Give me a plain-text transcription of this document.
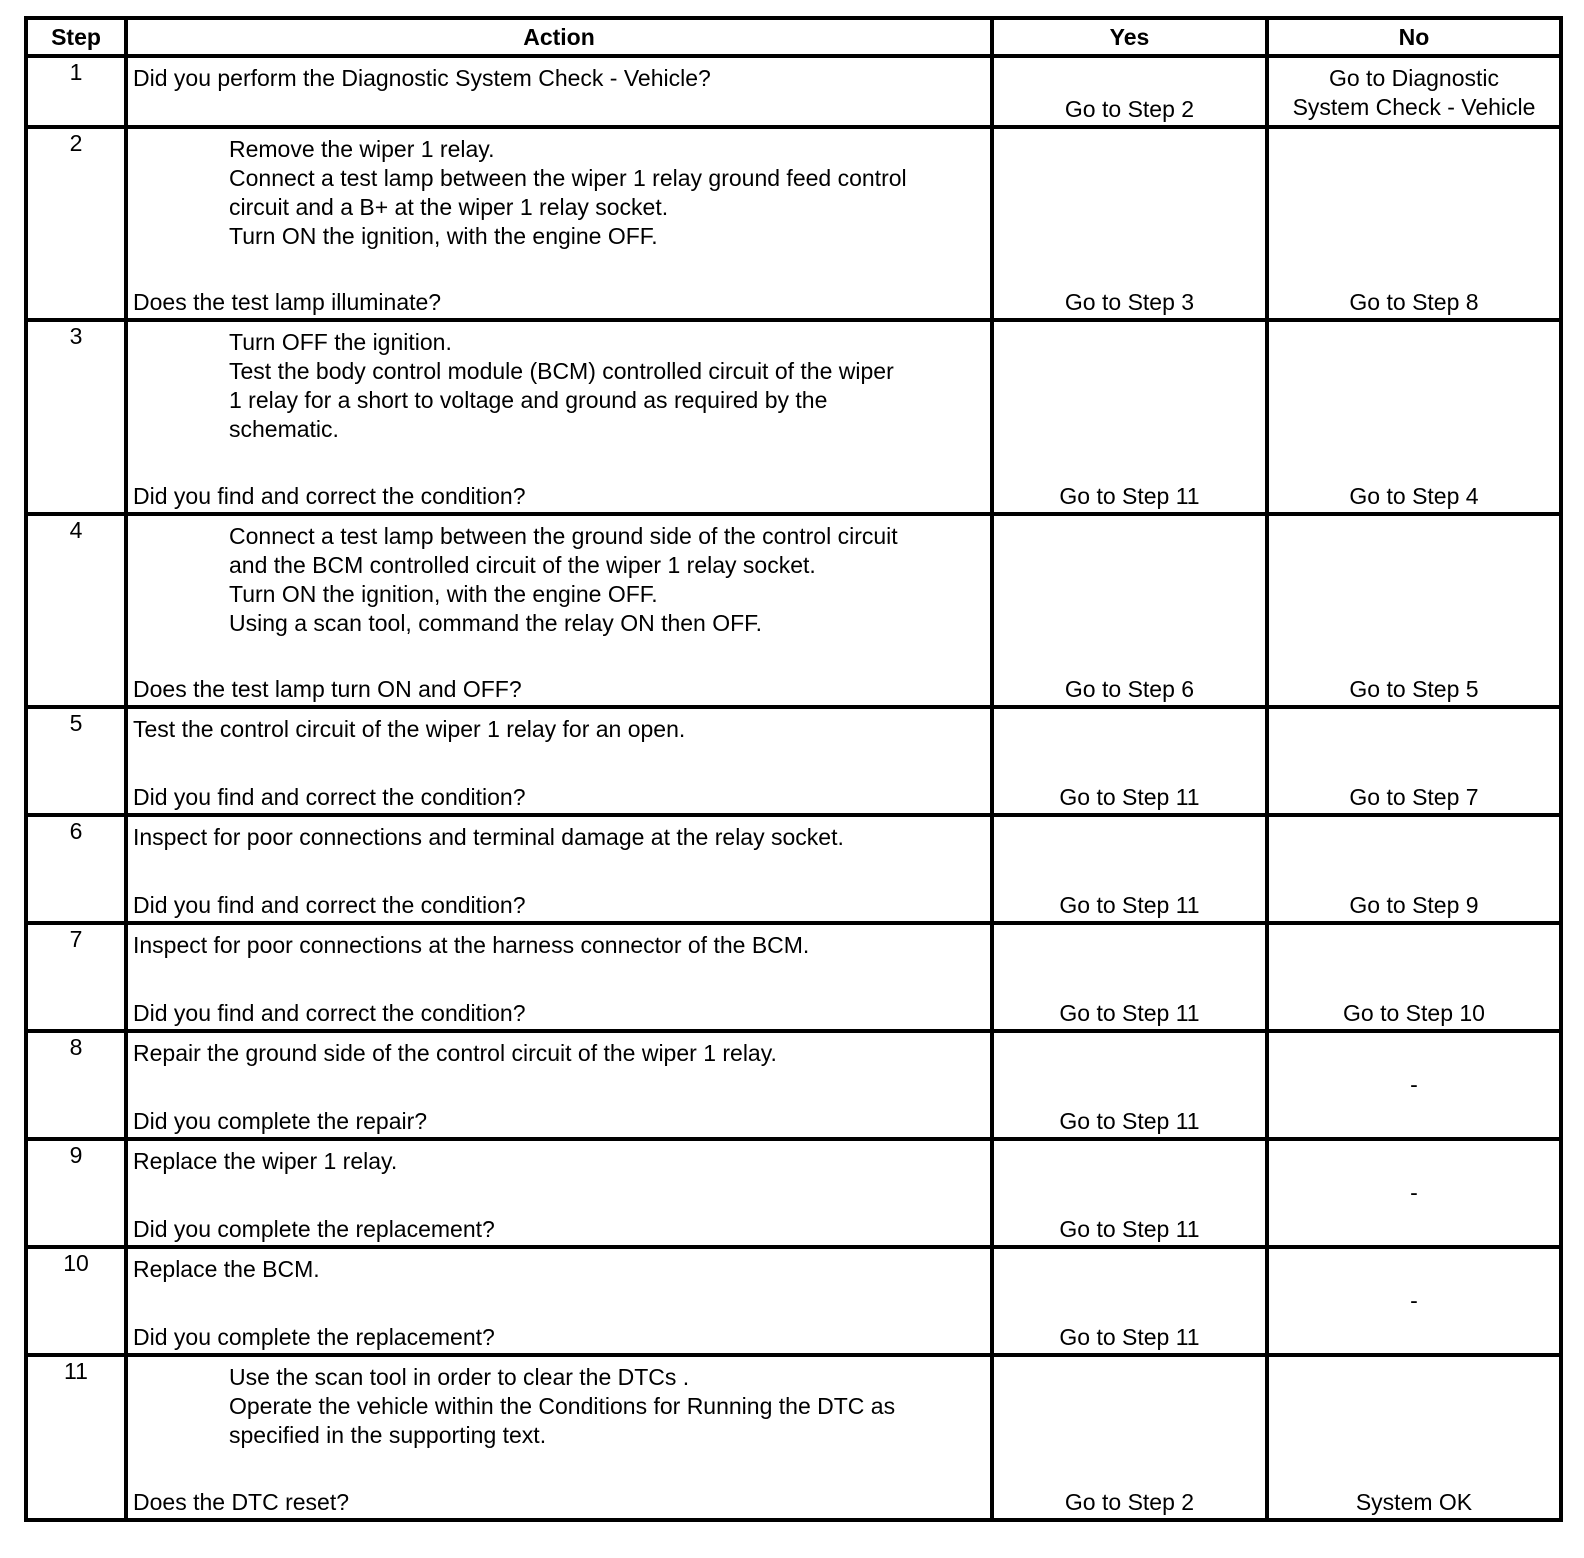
Step	Action	Yes	No
1	Did you perform the Diagnostic System Check - Vehicle?	Go to Step 2	Go to Diagnostic
System Check - Vehicle

2	Remove the wiper 1 relay.
Connect a test lamp between the wiper 1 relay ground feed control
circuit and a B+ at the wiper 1 relay socket.
Turn ON the ignition, with the engine OFF.
Does the test lamp illuminate?	Go to Step 3	Go to Step 8

3	Turn OFF the ignition.
Test the body control module (BCM) controlled circuit of the wiper
1 relay for a short to voltage and ground as required by the
schematic.
Did you find and correct the condition?	Go to Step 11	Go to Step 4

4	Connect a test lamp between the ground side of the control circuit
and the BCM controlled circuit of the wiper 1 relay socket.
Turn ON the ignition, with the engine OFF.
Using a scan tool, command the relay ON then OFF.
Does the test lamp turn ON and OFF?	Go to Step 6	Go to Step 5

5	Test the control circuit of the wiper 1 relay for an open.
Did you find and correct the condition?	Go to Step 11	Go to Step 7

6	Inspect for poor connections and terminal damage at the relay socket.
Did you find and correct the condition?	Go to Step 11	Go to Step 9

7	Inspect for poor connections at the harness connector of the BCM.
Did you find and correct the condition?	Go to Step 11	Go to Step 10

8	Repair the ground side of the control circuit of the wiper 1 relay.
Did you complete the repair?	Go to Step 11	-

9	Replace the wiper 1 relay.
Did you complete the replacement?	Go to Step 11	-

10	Replace the BCM.
Did you complete the replacement?	Go to Step 11	-

11	Use the scan tool in order to clear the DTCs .
Operate the vehicle within the Conditions for Running the DTC as
specified in the supporting text.
Does the DTC reset?	Go to Step 2	System OK
